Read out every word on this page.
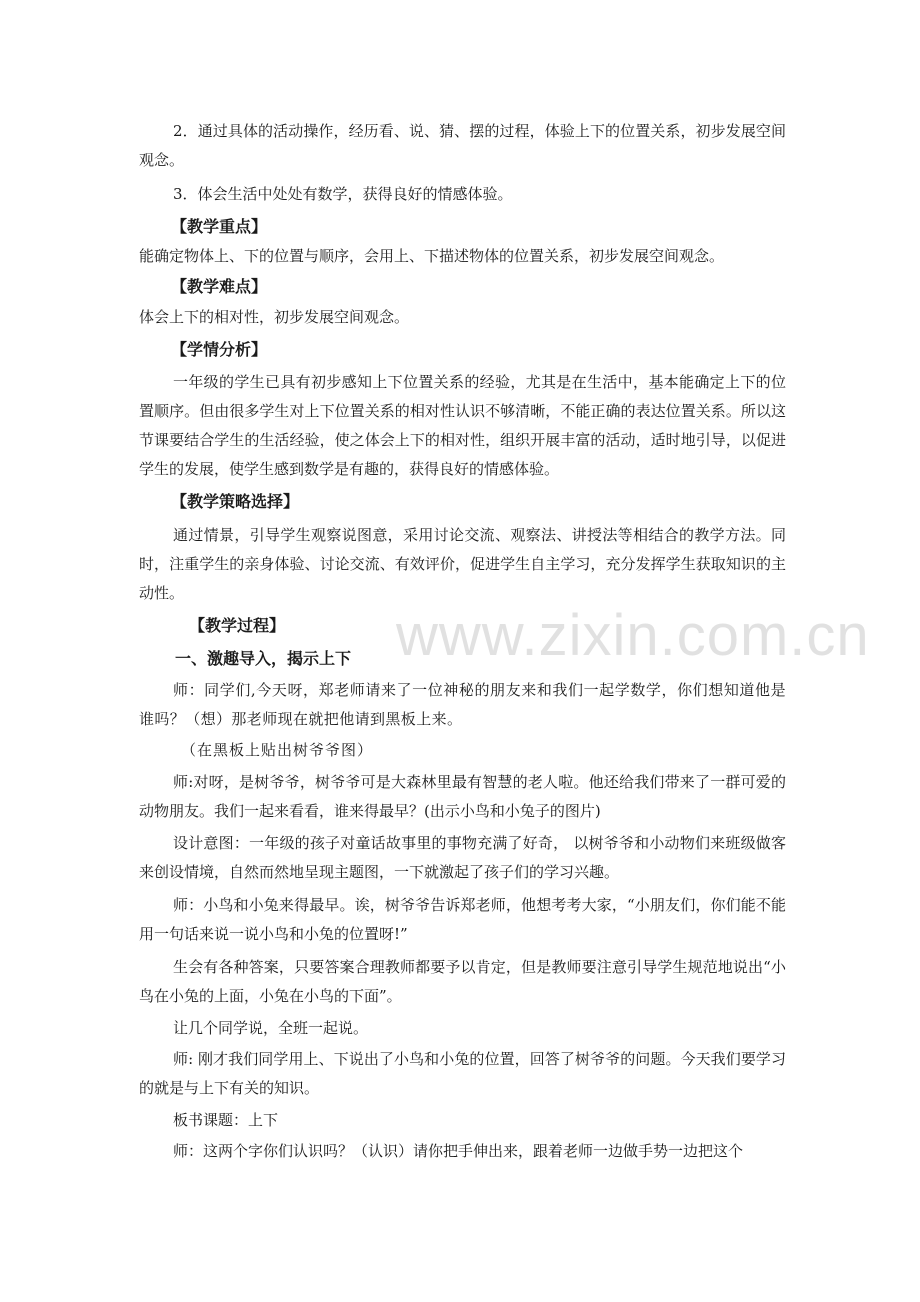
www.zixin.com.cn

2．通过具体的活动操作，经历看、说、猜、摆的过程，体验上下的位置关系，初步发展空间观念。

3．体会生活中处处有数学，获得良好的情感体验。

【教学重点】

能确定物体上、下的位置与顺序，会用上、下描述物体的位置关系，初步发展空间观念。

【教学难点】

体会上下的相对性，初步发展空间观念。

【学情分析】

一年级的学生已具有初步感知上下位置关系的经验，尤其是在生活中，基本能确定上下的位置顺序。但由很多学生对上下位置关系的相对性认识不够清晰，不能正确的表达位置关系。所以这节课要结合学生的生活经验，使之体会上下的相对性，组织开展丰富的活动，适时地引导，以促进学生的发展，使学生感到数学是有趣的，获得良好的情感体验。

【教学策略选择】

通过情景，引导学生观察说图意，采用讨论交流、观察法、讲授法等相结合的教学方法。同时，注重学生的亲身体验、讨论交流、有效评价，促进学生自主学习，充分发挥学生获取知识的主动性。

【教学过程】
一、激趣导入，揭示上下

师：同学们,今天呀，郑老师请来了一位神秘的朋友来和我们一起学数学，你们想知道他是谁吗？（想）那老师现在就把他请到黑板上来。

（在黑板上贴出树爷爷图）

师:对呀，是树爷爷，树爷爷可是大森林里最有智慧的老人啦。他还给我们带来了一群可爱的动物朋友。我们一起来看看，谁来得最早？(出示小鸟和小兔子的图片)

设计意图：一年级的孩子对童话故事里的事物充满了好奇， 以树爷爷和小动物们来班级做客来创设情境，自然而然地呈现主题图，一下就激起了孩子们的学习兴趣。

师：小鸟和小兔来得最早。诶，树爷爷告诉郑老师，他想考考大家，“小朋友们，你们能不能用一句话来说一说小鸟和小兔的位置呀!”

生会有各种答案，只要答案合理教师都要予以肯定，但是教师要注意引导学生规范地说出“小鸟在小兔的上面，小兔在小鸟的下面”。

让几个同学说，全班一起说。

师: 刚才我们同学用上、下说出了小鸟和小兔的位置，回答了树爷爷的问题。今天我们要学习的就是与上下有关的知识。

板书课题：上下

师：这两个字你们认识吗？（认识）请你把手伸出来，跟着老师一边做手势一边把这个
